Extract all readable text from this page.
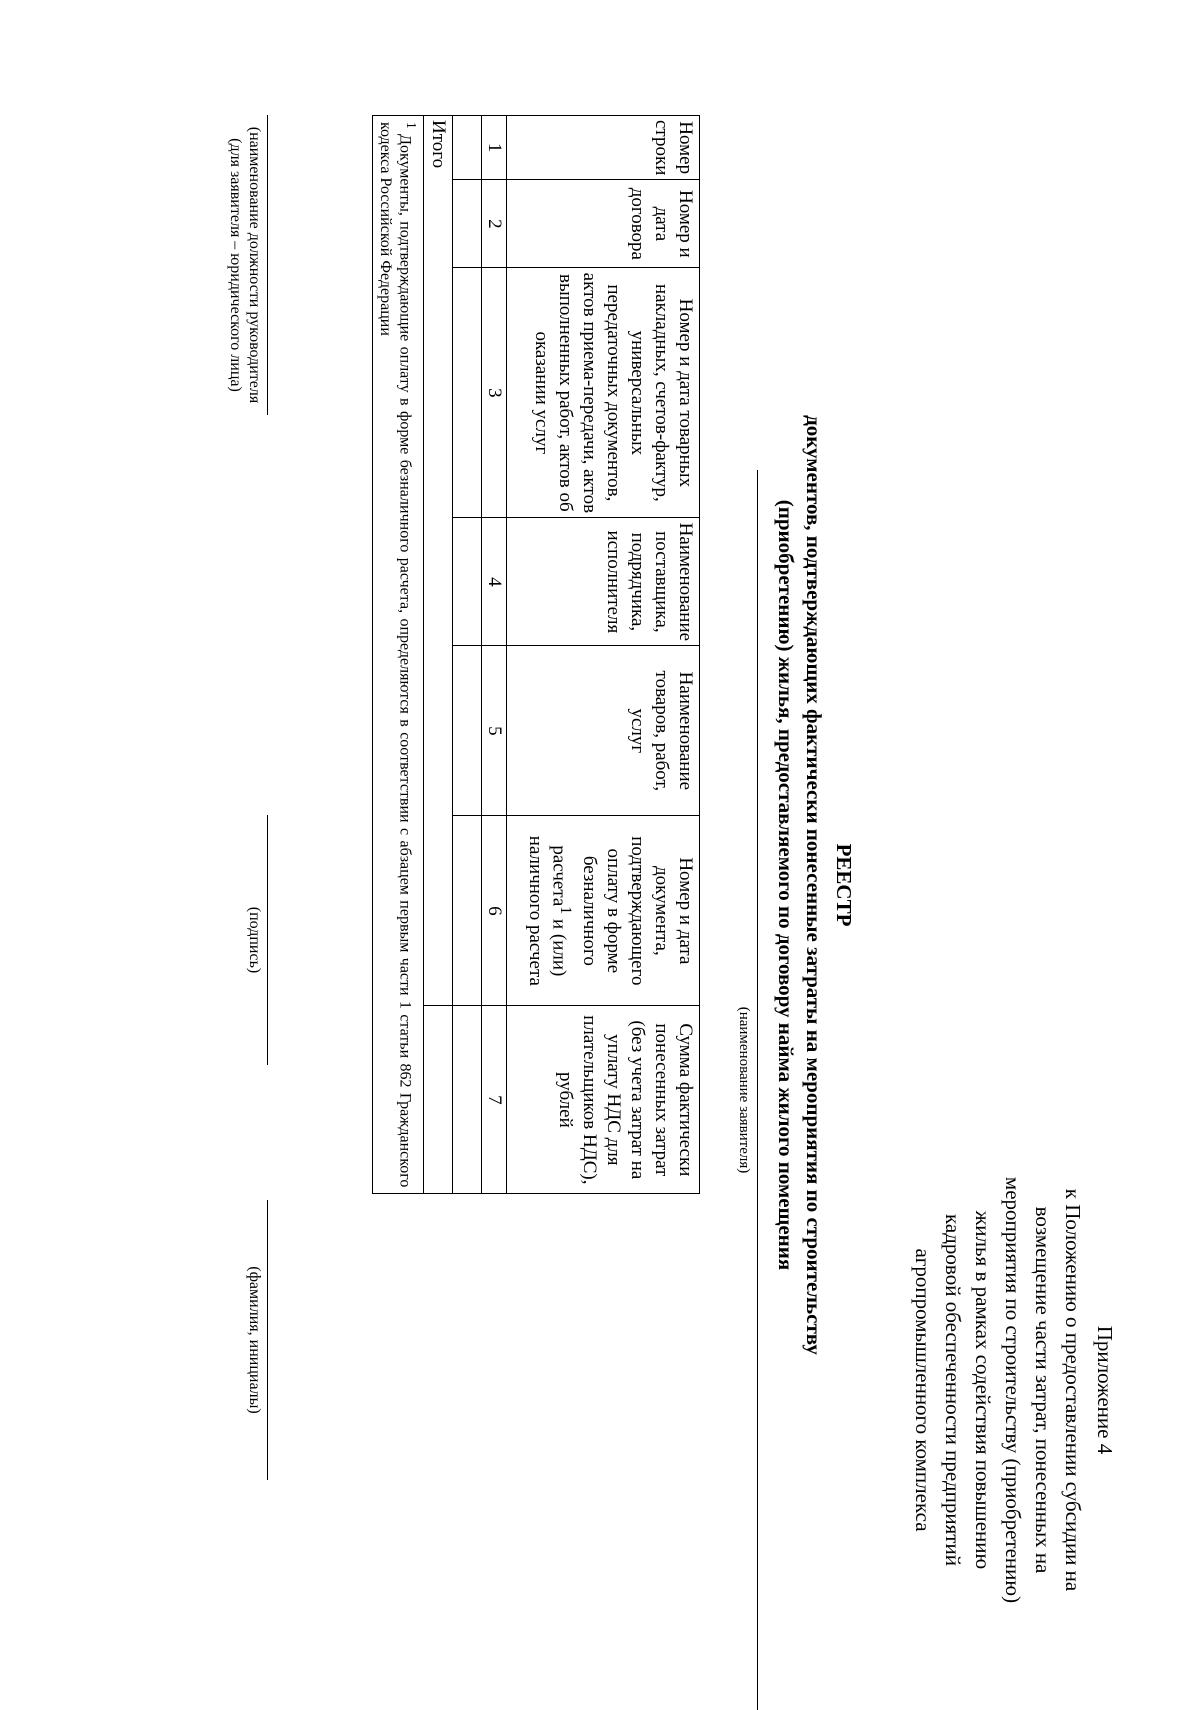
Приложение 4
к Положению о предоставлении субсидии на
возмещение части затрат, понесенных на
мероприятия по строительству (приобретению)
жилья в рамках содействия повышению
кадровой обеспеченности предприятий
агропромышленного комплекса
РЕЕСТР
документов, подтверждающих фактически понесенные затраты на мероприятия по строительству
(приобретению) жилья, предоставляемого по договору найма жилого помещения
(наименование заявителя)
Номер строки	Номер и дата договора	Номер и дата товарных накладных, счетов-фактур, универсальных передаточных документов, актов приема-передачи, актов выполненных работ, актов об оказании услуг	Наименование поставщика, подрядчика, исполнителя	Наименование товаров, работ, услуг	Номер и дата документа, подтверждающего оплату в форме безналичного расчета$^1$ и (или) наличного расчета	Сумма фактически понесенных затрат (без учета затрат на уплату НДС для плательщиков НДС), рублей
1	2	3	4	5	6	7

Итого						
$^1$ Документы, подтверждающие оплату в форме безналичного расчета, определяются в соответствии с абзацем первым части 1 статьи 862 Гражданского кодекса Российской Федерации						
(наименование должности руководителя
(для заявителя – юридического лица)
(подпись)
(фамилия, инициалы)
